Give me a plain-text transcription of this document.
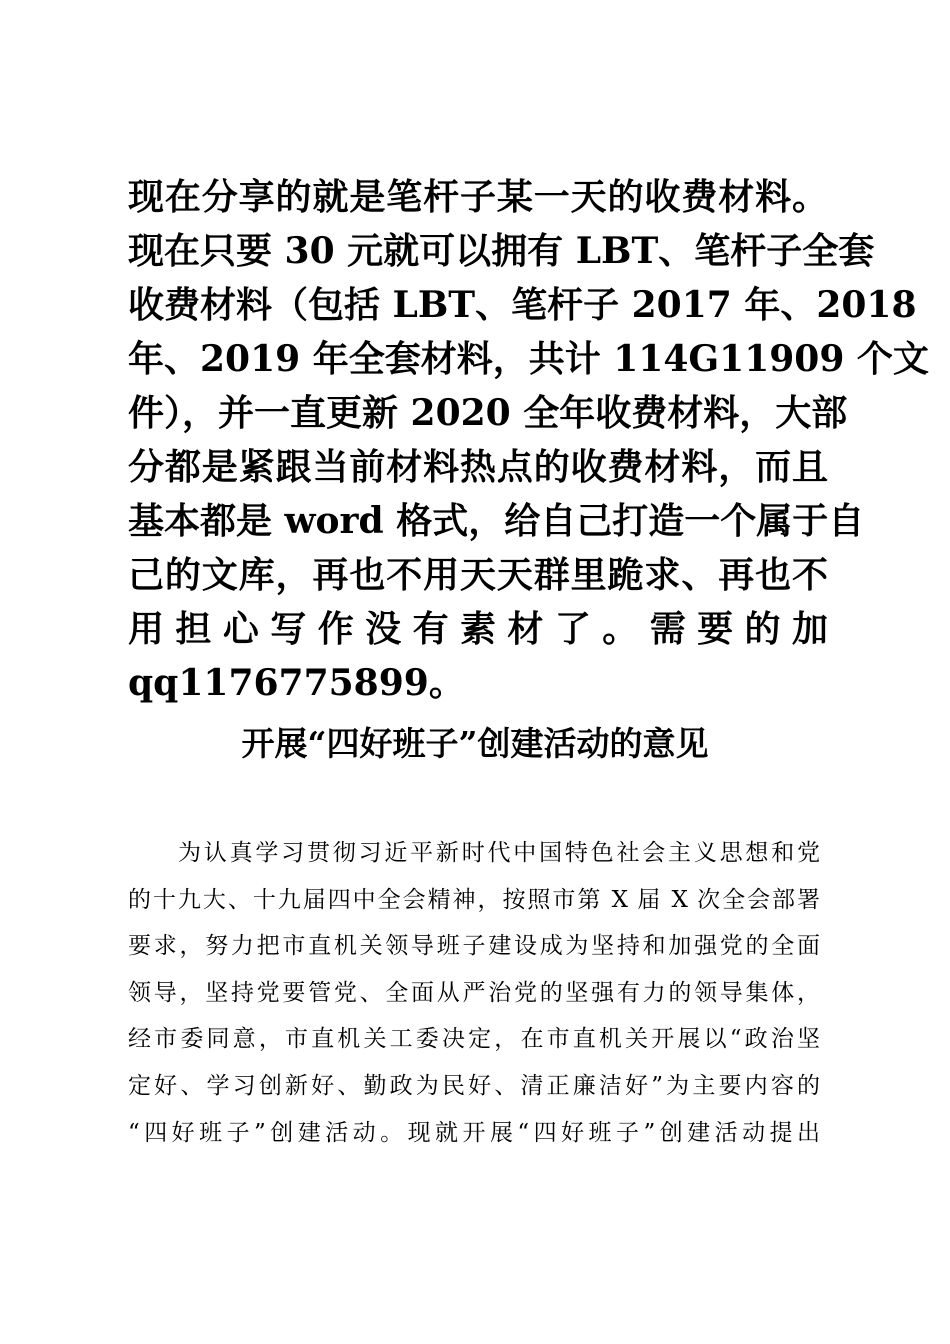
现在分享的就是笔杆子某一天的收费材料。
现在只要 30 元就可以拥有 LBT、笔杆子全套
收费材料（包括 LBT、笔杆子 2017 年、2018
年、2019 年全套材料，共计 114G11909 个文
件），并一直更新 2020 全年收费材料，大部
分都是紧跟当前材料热点的收费材料，而且
基本都是 word 格式，给自己打造一个属于自
己的文库，再也不用天天群里跪求、再也不
用担心写作没有素材了。需要的加
qq1176775899。
开展“四好班子”创建活动的意见
为认真学习贯彻习近平新时代中国特色社会主义思想和党
的十九大、十九届四中全会精神，按照市第 X 届 X 次全会部署
要求，努力把市直机关领导班子建设成为坚持和加强党的全面
领导，坚持党要管党、全面从严治党的坚强有力的领导集体，
经市委同意，市直机关工委决定，在市直机关开展以“政治坚
定好、学习创新好、勤政为民好、清正廉洁好”为主要内容的
“四好班子”创建活动。现就开展“四好班子”创建活动提出
